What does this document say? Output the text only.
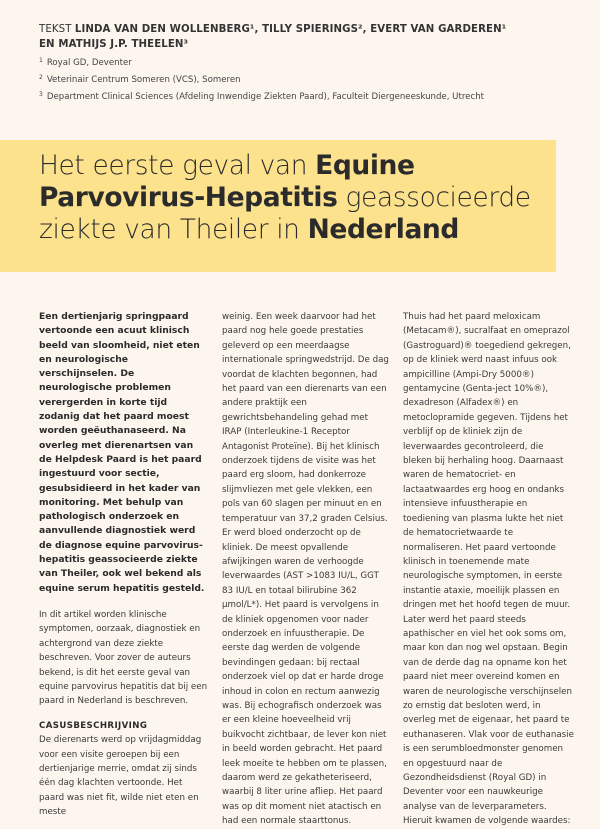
TEKST LINDA VAN DEN WOLLENBERG¹, TILLY SPIERINGS², EVERT VAN GARDEREN¹
EN MATHIJS J.P. THEELEN³
$^1$ Royal GD, Deventer
$^2$ Veterinair Centrum Someren (VCS), Someren
$^3$ Department Clinical Sciences (Afdeling Inwendige Ziekten Paard), Faculteit Diergeneeskunde, Utrecht
Het eerste geval van Equine
Parvovirus-Hepatitis geassocieerde
ziekte van Theiler in Nederland

Een dertienjarig springpaard vertoonde een acuut klinisch beeld van sloomheid, niet eten en neurologische verschijnselen. De neurologische problemen verergerden in korte tijd zodanig dat het paard moest worden geëuthanaseerd. Na overleg met dierenartsen van de Helpdesk Paard is het paard ingestuurd voor sectie, gesubsidieerd in het kader van monitoring. Met behulp van pathologisch onderzoek en aanvullende diagnostiek werd de diagnose equine parvovirus-hepatitis geassocieerde ziekte van Theiler, ook wel bekend als equine serum hepatitis gesteld.

In dit artikel worden klinische symptomen, oorzaak, diagnostiek en achtergrond van deze ziekte beschreven. Voor zover de auteurs bekend, is dit het eerste geval van equine parvovirus hepatitis dat bij een paard in Nederland is beschreven.

CASUSBESCHRIJVING

De dierenarts werd op vrijdagmiddag voor een visite geroepen bij een dertienjarige merrie, omdat zij sinds één dag klachten vertoonde. Het paard was niet fit, wilde niet eten en meste

weinig. Een week daarvoor had het paard nog hele goede prestaties geleverd op een meerdaagse internationale springwedstrijd. De dag voordat de klachten begonnen, had het paard van een dierenarts van een andere praktijk een gewrichtsbehandeling gehad met IRAP (Interleukine-1 Receptor Antagonist Proteïne). Bij het klinisch onderzoek tijdens de visite was het paard erg sloom, had donkerroze slijmvliezen met gele vlekken, een pols van 60 slagen per minuut en en temperatuur van 37,2 graden Celsius. Er werd bloed onderzocht op de kliniek. De meest opvallende afwijkingen waren de verhoogde leverwaardes (AST >1083 IU/L, GGT 83 IU/L en totaal bilirubine 362 µmol/L*). Het paard is vervolgens in de kliniek opgenomen voor nader onderzoek en infuustherapie. De eerste dag werden de volgende bevindingen gedaan: bij rectaal onderzoek viel op dat er harde droge inhoud in colon en rectum aanwezig was. Bij echografisch onderzoek was er een kleine hoeveelheid vrij buikvocht zichtbaar, de lever kon niet in beeld worden gebracht. Het paard leek moeite te hebben om te plassen, daarom werd ze gekatheteriseerd, waarbij 8 liter urine afliep. Het paard was op dit moment niet atactisch en had een normale staarttonus.

Thuis had het paard meloxicam (Metacam®), sucralfaat en omeprazol (Gastroguard)® toegediend gekregen, op de kliniek werd naast infuus ook ampicilline (Ampi-Dry 5000®) gentamycine (Genta-ject 10%®), dexadreson (Alfadex®) en metoclopramide gegeven. Tijdens het verblijf op de kliniek zijn de leverwaardes gecontroleerd, die bleken bij herhaling hoog. Daarnaast waren de hematocriet- en lactaatwaardes erg hoog en ondanks intensieve infuustherapie en toediening van plasma lukte het niet de hematocrietwaarde te normaliseren. Het paard vertoonde klinisch in toenemende mate neurologische symptomen, in eerste instantie ataxie, moeilijk plassen en dringen met het hoofd tegen de muur. Later werd het paard steeds apathischer en viel het ook soms om, maar kon dan nog wel opstaan. Begin van de derde dag na opname kon het paard niet meer overeind komen en waren de neurologische verschijnselen zo ernstig dat besloten werd, in overleg met de eigenaar, het paard te euthanaseren. Vlak voor de euthanasie is een serumbloedmonster genomen en opgestuurd naar de Gezondheidsdienst (Royal GD) in Deventer voor een nauwkeurige analyse van de leverparameters. Hieruit kwamen de volgende waardes:
